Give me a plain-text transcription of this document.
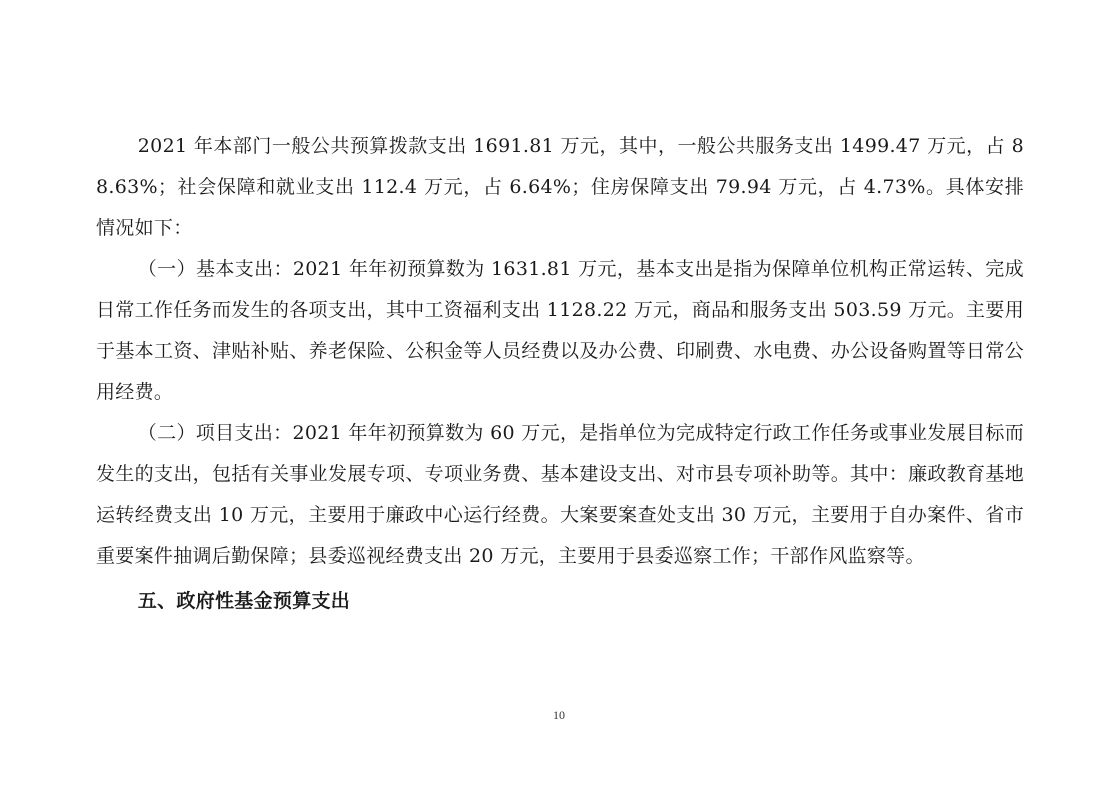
2021 年本部门一般公共预算拨款支出 1691.81 万元，其中，一般公共服务支出 1499.47 万元，占 88.63%；社会保障和就业支出 112.4 万元，占 6.64%；住房保障支出 79.94 万元，占 4.73%。具体安排情况如下：

（一）基本支出：2021 年年初预算数为 1631.81 万元，基本支出是指为保障单位机构正常运转、完成日常工作任务而发生的各项支出，其中工资福利支出 1128.22 万元，商品和服务支出 503.59 万元。主要用于基本工资、津贴补贴、养老保险、公积金等人员经费以及办公费、印刷费、水电费、办公设备购置等日常公用经费。

（二）项目支出：2021 年年初预算数为 60 万元，是指单位为完成特定行政工作任务或事业发展目标而发生的支出，包括有关事业发展专项、专项业务费、基本建设支出、对市县专项补助等。其中：廉政教育基地运转经费支出 10 万元，主要用于廉政中心运行经费。大案要案查处支出 30 万元，主要用于自办案件、省市重要案件抽调后勤保障；县委巡视经费支出 20 万元，主要用于县委巡察工作；干部作风监察等。

五、政府性基金预算支出

10
